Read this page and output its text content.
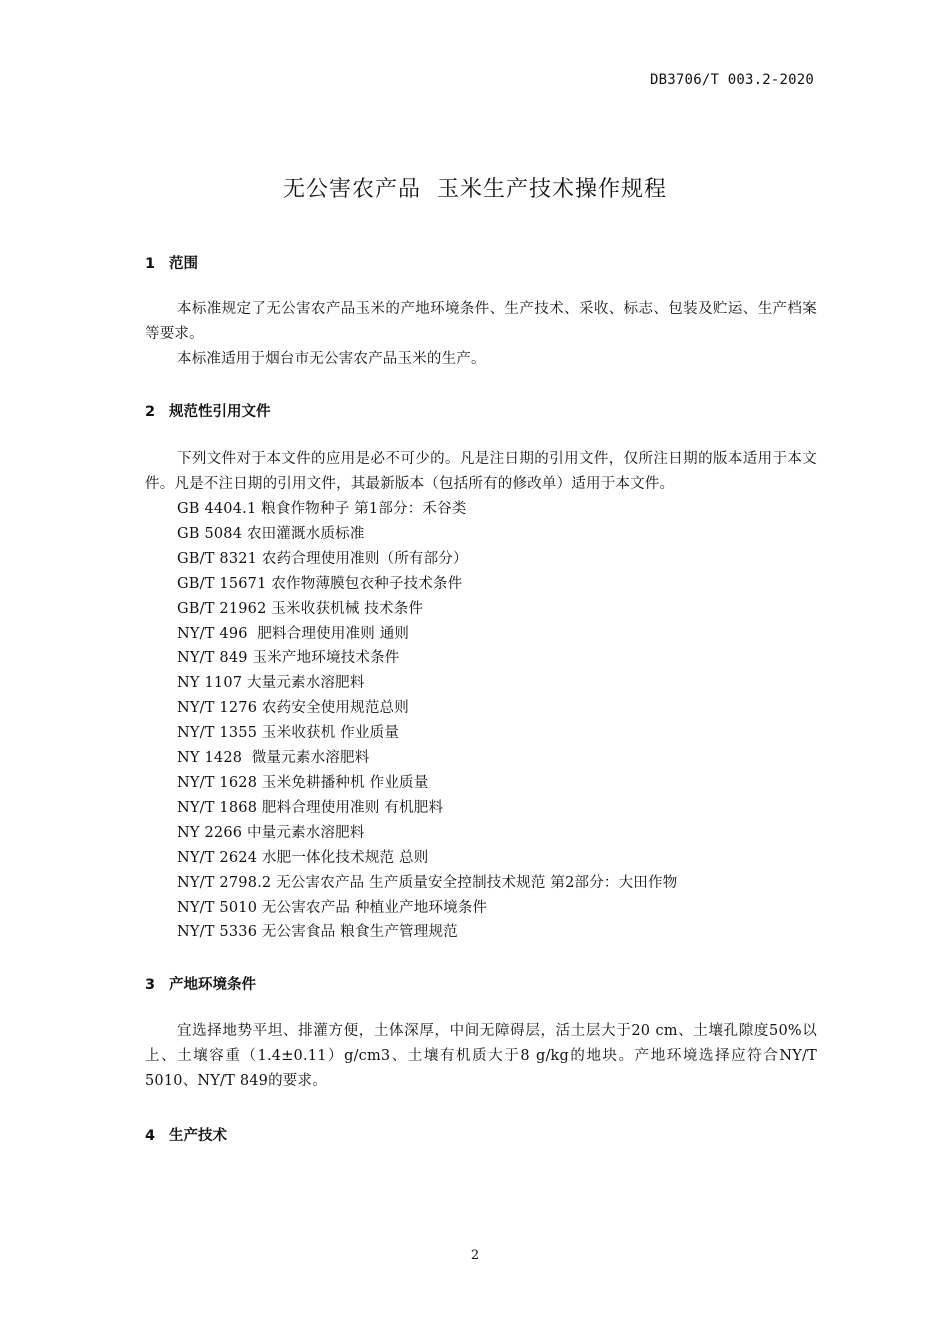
DB3706/T 003.2-2020
无公害农产品  玉米生产技术操作规程
1 范围
本标准规定了无公害农产品玉米的产地环境条件、生产技术、采收、标志、包装及贮运、生产档案等要求。
本标准适用于烟台市无公害农产品玉米的生产。
2 规范性引用文件
下列文件对于本文件的应用是必不可少的。凡是注日期的引用文件，仅所注日期的版本适用于本文件。凡是不注日期的引用文件，其最新版本（包括所有的修改单）适用于本文件。
GB 4404.1 粮食作物种子 第1部分：禾谷类
GB 5084 农田灌溉水质标准
GB/T 8321 农药合理使用准则（所有部分）
GB/T 15671 农作物薄膜包衣种子技术条件
GB/T 21962 玉米收获机械 技术条件
NY/T 496  肥料合理使用准则 通则
NY/T 849 玉米产地环境技术条件
NY 1107 大量元素水溶肥料
NY/T 1276 农药安全使用规范总则
NY/T 1355 玉米收获机 作业质量
NY 1428  微量元素水溶肥料
NY/T 1628 玉米免耕播种机 作业质量
NY/T 1868 肥料合理使用准则 有机肥料
NY 2266 中量元素水溶肥料
NY/T 2624 水肥一体化技术规范 总则
NY/T 2798.2 无公害农产品 生产质量安全控制技术规范 第2部分：大田作物
NY/T 5010 无公害农产品 种植业产地环境条件
NY/T 5336 无公害食品 粮食生产管理规范
3 产地环境条件
宜选择地势平坦、排灌方便，土体深厚，中间无障碍层，活土层大于20 cm、土壤孔隙度50%以上、土壤容重（1.4±0.11）g/cm3、土壤有机质大于8 g/kg的地块。产地环境选择应符合NY/T 5010、NY/T 849的要求。
4 生产技术
2
